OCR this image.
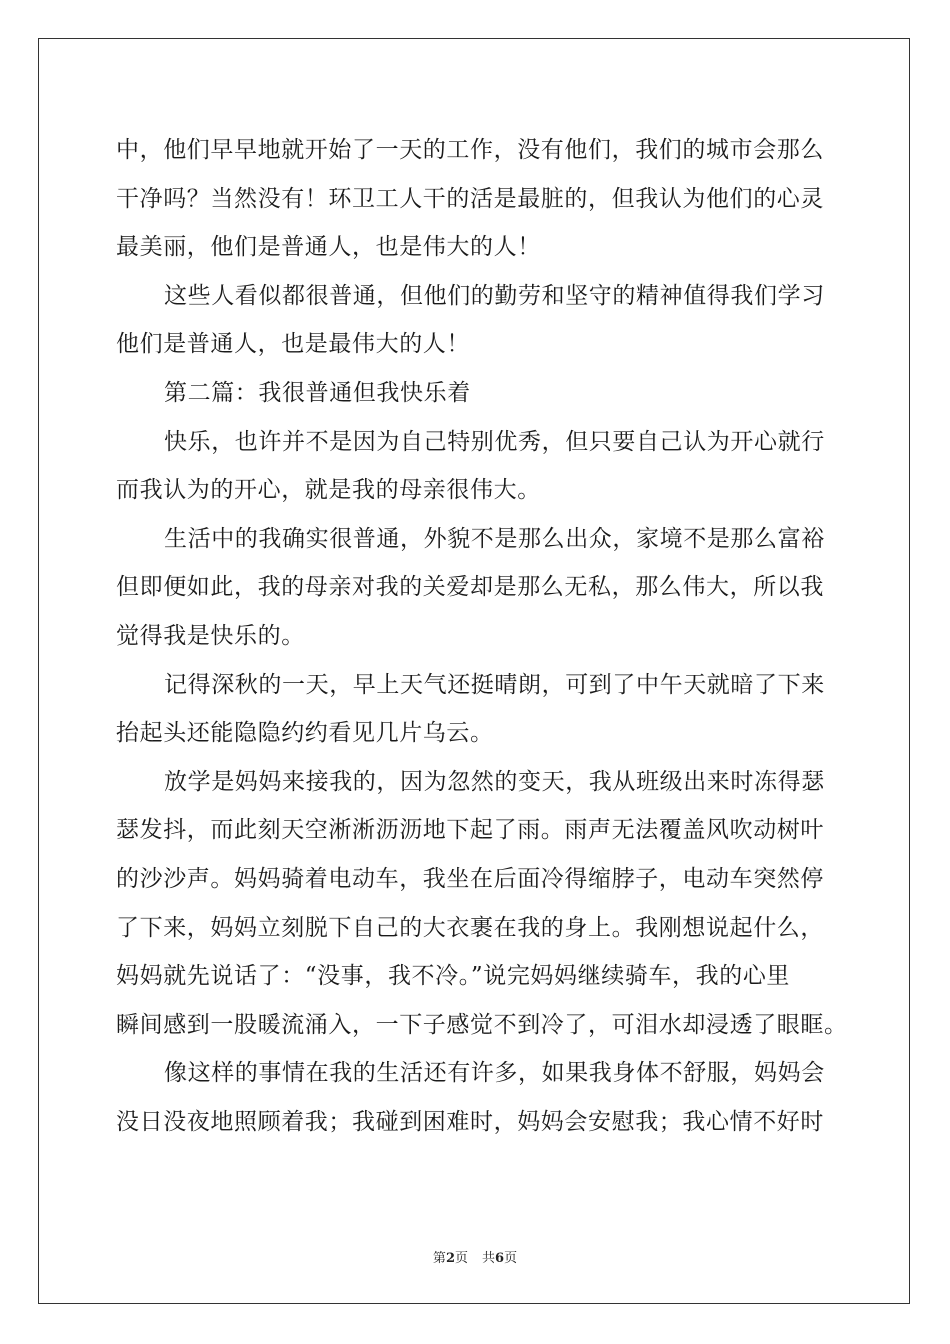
中，他们早早地就开始了一天的工作，没有他们，我们的城市会那么
干净吗？当然没有！环卫工人干的活是最脏的，但我认为他们的心灵
最美丽，他们是普通人，也是伟大的人！
这些人看似都很普通，但他们的勤劳和坚守的精神值得我们学习
他们是普通人，也是最伟大的人！
第二篇：我很普通但我快乐着
快乐，也许并不是因为自己特别优秀，但只要自己认为开心就行
而我认为的开心，就是我的母亲很伟大。
生活中的我确实很普通，外貌不是那么出众，家境不是那么富裕
但即便如此，我的母亲对我的关爱却是那么无私，那么伟大，所以我
觉得我是快乐的。
记得深秋的一天，早上天气还挺晴朗，可到了中午天就暗了下来
抬起头还能隐隐约约看见几片乌云。
放学是妈妈来接我的，因为忽然的变天，我从班级出来时冻得瑟
瑟发抖，而此刻天空淅淅沥沥地下起了雨。雨声无法覆盖风吹动树叶
的沙沙声。妈妈骑着电动车，我坐在后面冷得缩脖子，电动车突然停
了下来，妈妈立刻脱下自己的大衣裹在我的身上。我刚想说起什么，
妈妈就先说话了：“没事，我不冷。”说完妈妈继续骑车，我的心里
瞬间感到一股暖流涌入，一下子感觉不到冷了，可泪水却浸透了眼眶。
像这样的事情在我的生活还有许多，如果我身体不舒服，妈妈会
没日没夜地照顾着我；我碰到困难时，妈妈会安慰我；我心情不好时
第2页 共6页
